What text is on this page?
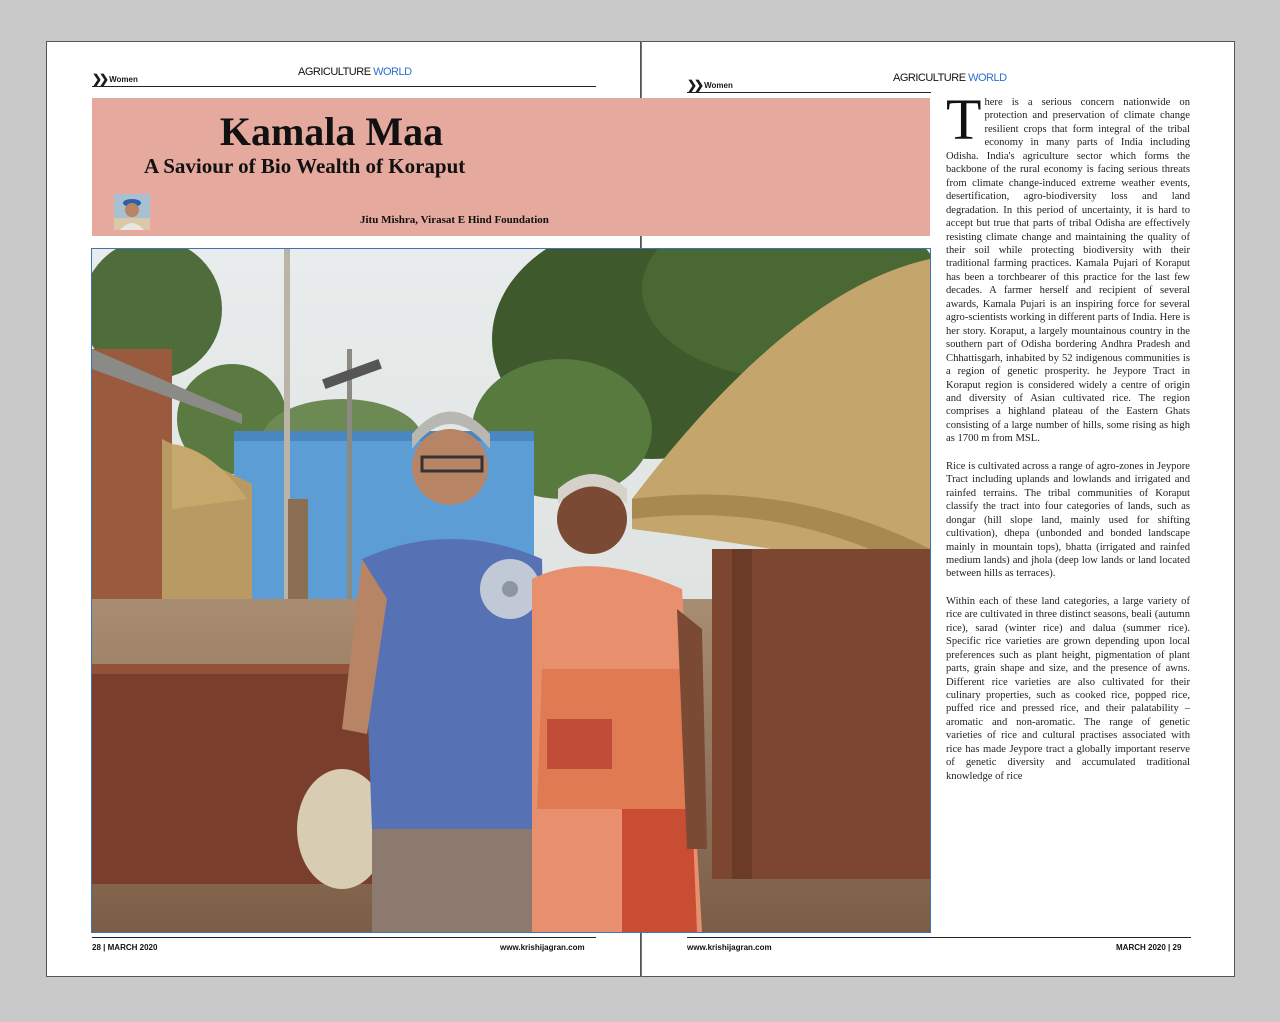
❯❯ Women
AGRICULTURE WORLD
❯❯ Women
AGRICULTURE WORLD
Kamala Maa
A Saviour of Bio Wealth of Koraput
Jitu Mishra, Virasat E Hind Foundation

There is a serious concern nationwide on protection and preservation of climate change resilient crops that form integral of the tribal economy in many parts of India including Odisha. India's agriculture sector which forms the backbone of the rural economy is facing serious threats from climate change-induced extreme weather events, desertification, agro-biodiversity loss and land degradation. In this period of uncertainty, it is hard to accept but true that parts of tribal Odisha are effectively resisting climate change and maintaining the quality of their soil while protecting biodiversity with their traditional farming practices. Kamala Pujari of Koraput has been a torchbearer of this practice for the last few decades. A farmer herself and recipient of several awards, Kamala Pujari is an inspiring force for several agro-scientists working in different parts of India. Here is her story. Koraput, a largely mountainous country in the southern part of Odisha bordering Andhra Pradesh and Chhattisgarh, inhabited by 52 indigenous communities is a region of genetic prosperity. he Jeypore Tract in Koraput region is considered widely a centre of origin and diversity of Asian cultivated rice. The region comprises a highland plateau of the Eastern Ghats consisting of a large number of hills, some rising as high as 1700 m from MSL.

Rice is cultivated across a range of agro-zones in Jeypore Tract including uplands and lowlands and irrigated and rainfed terrains. The tribal communities of Koraput classify the tract into four categories of lands, such as dongar (hill slope land, mainly used for shifting cultivation), dhepa (unbonded and bonded landscape mainly in mountain tops), bhatta (irrigated and rainfed medium lands) and jhola (deep low lands or land located between hills as terraces).

Within each of these land categories, a large variety of rice are cultivated in three distinct seasons, beali (autumn rice), sarad (winter rice) and dalua (summer rice). Specific rice varieties are grown depending upon local preferences such as plant height, pigmentation of plant parts, grain shape and size, and the presence of awns. Different rice varieties are also cultivated for their culinary properties, such as cooked rice, popped rice, puffed rice and pressed rice, and their palatability – aromatic and non-aromatic. The range of genetic varieties of rice and cultural practises associated with rice has made Jeypore tract a globally important reserve of genetic diversity and accumulated traditional knowledge of rice

28 | MARCH 2020	www.krishijagran.com	www.krishijagran.com	MARCH 2020 | 29
